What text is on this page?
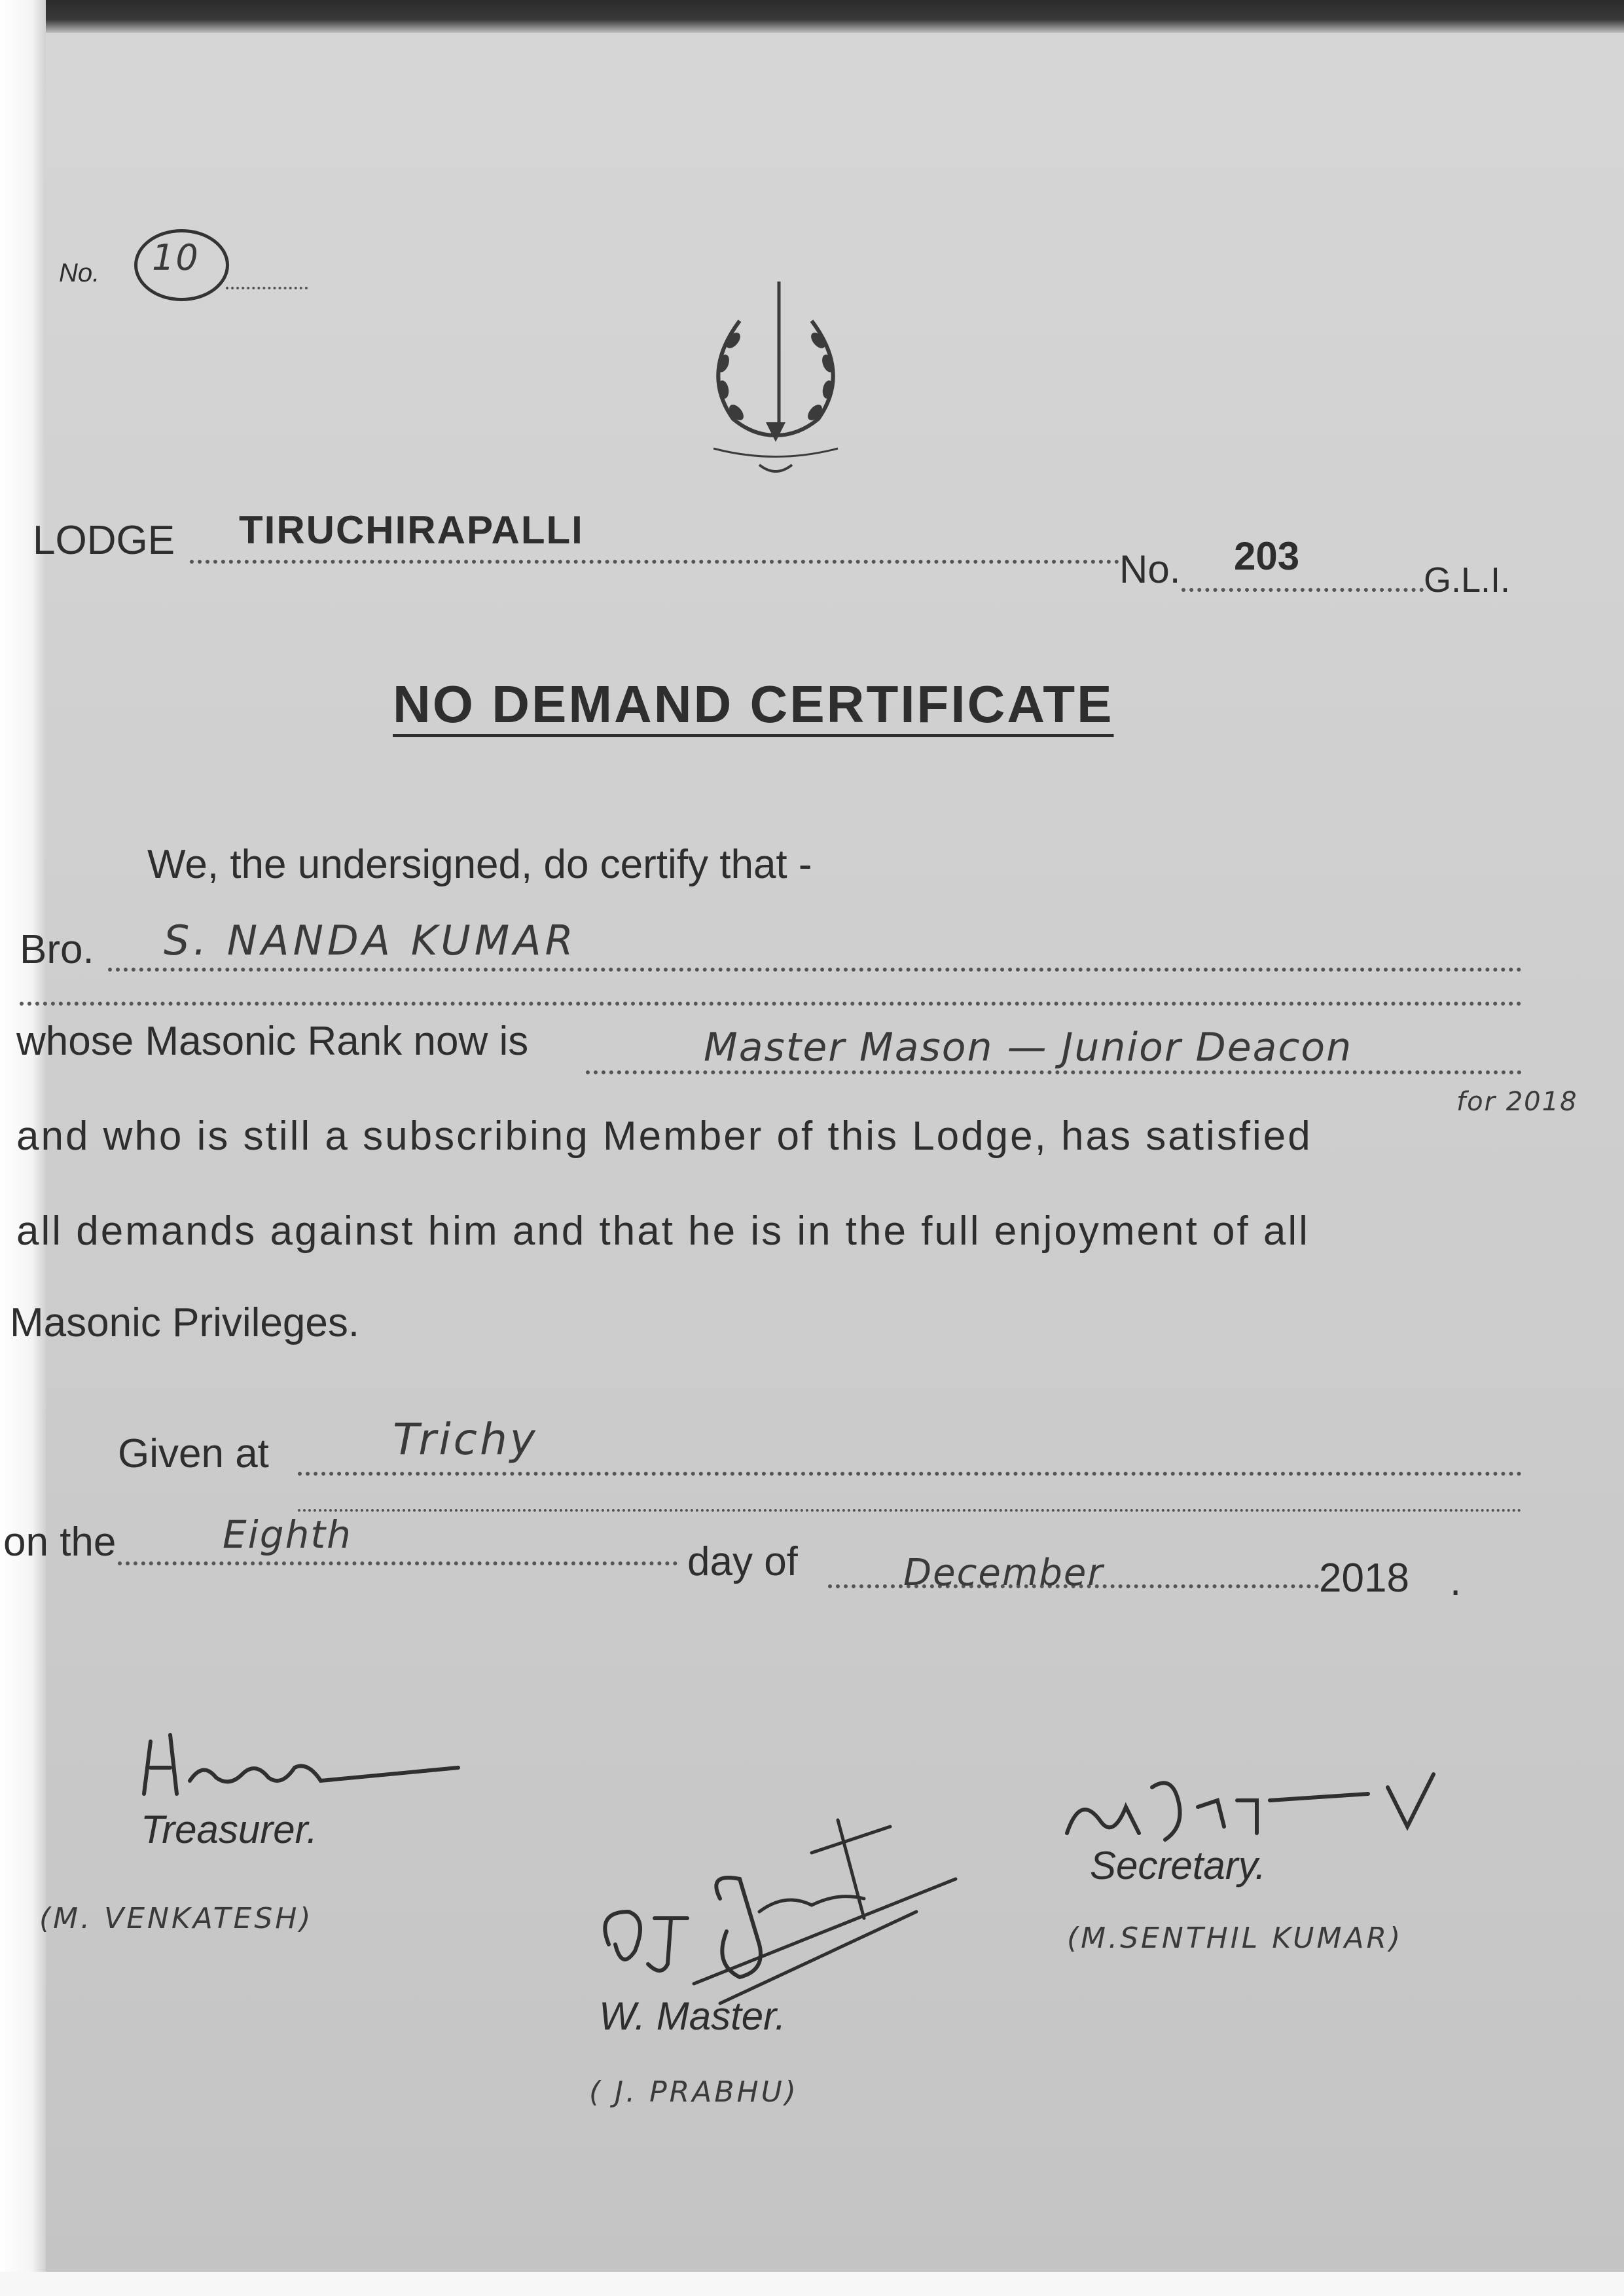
No. 10
LODGE TIRUCHIRAPALLI
No. 203
G.L.I.
NO DEMAND CERTIFICATE
We, the undersigned, do certify that -
Bro. S. NANDA KUMAR
whose Masonic Rank now is	Master Mason — Junior Deacon
for 2018
and who is still a subscribing Member of this Lodge, has satisfied
all demands against him and that he is in the full enjoyment of all
Masonic Privileges.
Given at	Trichy
on the	Eighth
day of	December	2018 .
Treasurer.
(M. VENKATESH)
Secretary.
(M.SENTHIL KUMAR)
W. Master.
( J. PRABHU)
